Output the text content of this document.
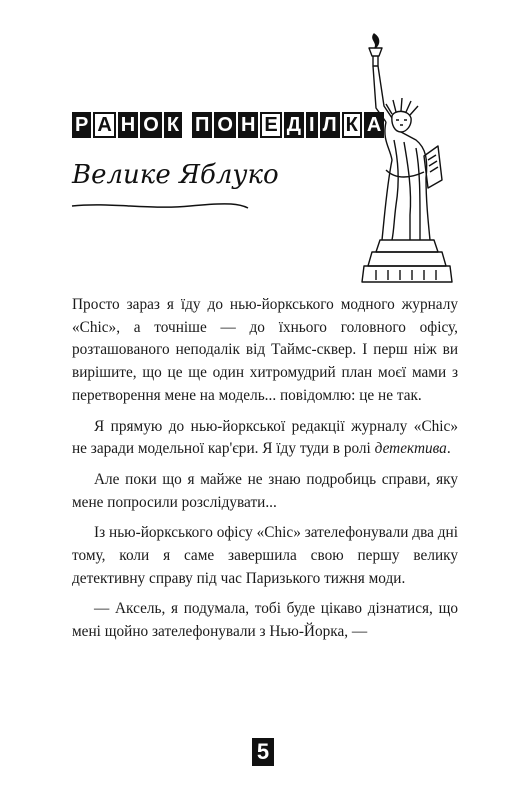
Р А Н О К П О Н Е Д І Л К А
Велике Яблуко

Просто зараз я їду до нью-йоркського модного журналу «Chic», а точніше — до їхнього головного офісу, розташованого неподалік від Таймс-сквер. І перш ніж ви вирішите, що це ще один хитромудрий план моєї мами з перетворення мене на модель... повідомлю: це не так.

Я прямую до нью-йоркської редакції журналу «Chic» не заради модельної кар'єри. Я їду туди в ролі детектива.

Але поки що я майже не знаю подробиць справи, яку мене попросили розслідувати...

Із нью-йоркського офісу «Chic» зателефонували два дні тому, коли я саме завершила свою першу велику детективну справу під час Паризького тижня моди.

— Аксель, я подумала, тобі буде цікаво дізнатися, що мені щойно зателефонували з Нью-Йорка, —

5
